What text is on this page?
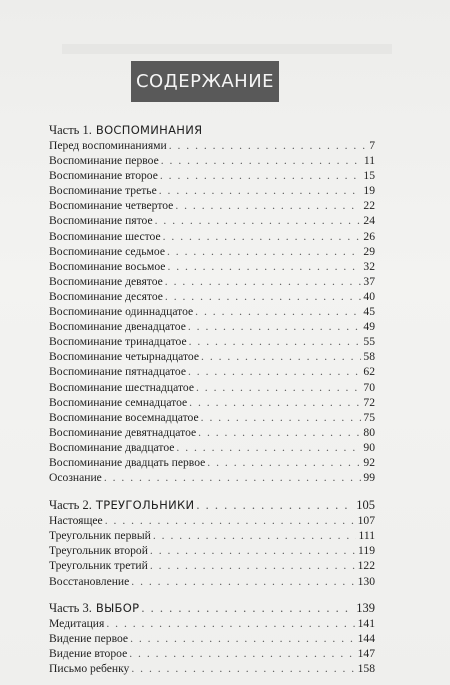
СОДЕРЖАНИЕ
Часть 1. ВОСПОМИНАНИЯ
Перед воспоминаниями . . .	7
Воспоминание первое . . .	11
Воспоминание второе . . .	15
Воспоминание третье . . .	19
Воспоминание четвертое . . .	22
Воспоминание пятое . . .	24
Воспоминание шестое . . .	26
Воспоминание седьмое . . .	29
Воспоминание восьмое . . .	32
Воспоминание девятое . . .	37
Воспоминание десятое . . .	40
Воспоминание одиннадцатое . . .	45
Воспоминание двенадцатое . . .	49
Воспоминание тринадцатое . . .	55
Воспоминание четырнадцатое . . .	58
Воспоминание пятнадцатое . . .	62
Воспоминание шестнадцатое . . .	70
Воспоминание семнадцатое . . .	72
Воспоминание восемнадцатое . . .	75
Воспоминание девятнадцатое . . .	80
Воспоминание двадцатое . . .	90
Воспоминание двадцать первое . . .	92
Осознание . . .	99
Часть 2. ТРЕУГОЛЬНИКИ . . .	105
Настоящее . . .	107
Треугольник первый . . .	111
Треугольник второй . . .	119
Треугольник третий . . .	122
Восстановление . . .	130
Часть 3. ВЫБОР . . .	139
Медитация . . .	141
Видение первое . . .	144
Видение второе . . .	147
Письмо ребенку . . .	158
